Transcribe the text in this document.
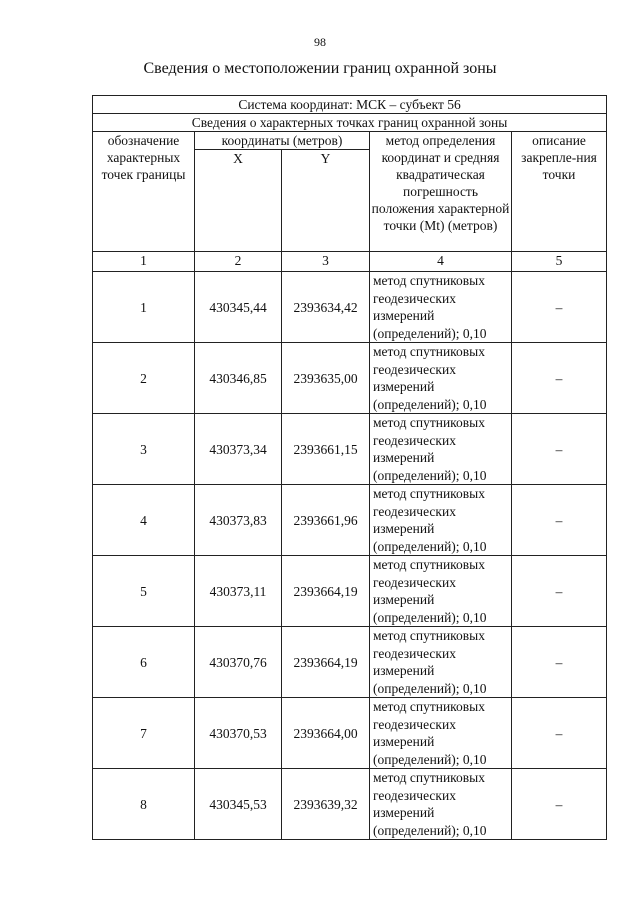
98
Сведения о местоположении границ охранной зоны
Система координат: МСК – субъект 56				
Сведения о характерных точках границ охранной зоны				
обозначение характерных точек границы	координаты (метров)		метод определения координат и средняя квадратическая погрешность положения характерной точки (Mt) (метров)	описание закрепле-ния точки
	X	Y		
1	2	3	4	5
1	430345,44	2393634,42	метод спутниковых геодезических измерений (определений); 0,10	–
2	430346,85	2393635,00	метод спутниковых геодезических измерений (определений); 0,10	–
3	430373,34	2393661,15	метод спутниковых геодезических измерений (определений); 0,10	–
4	430373,83	2393661,96	метод спутниковых геодезических измерений (определений); 0,10	–
5	430373,11	2393664,19	метод спутниковых геодезических измерений (определений); 0,10	–
6	430370,76	2393664,19	метод спутниковых геодезических измерений (определений); 0,10	–
7	430370,53	2393664,00	метод спутниковых геодезических измерений (определений); 0,10	–
8	430345,53	2393639,32	метод спутниковых геодезических измерений (определений); 0,10	–
